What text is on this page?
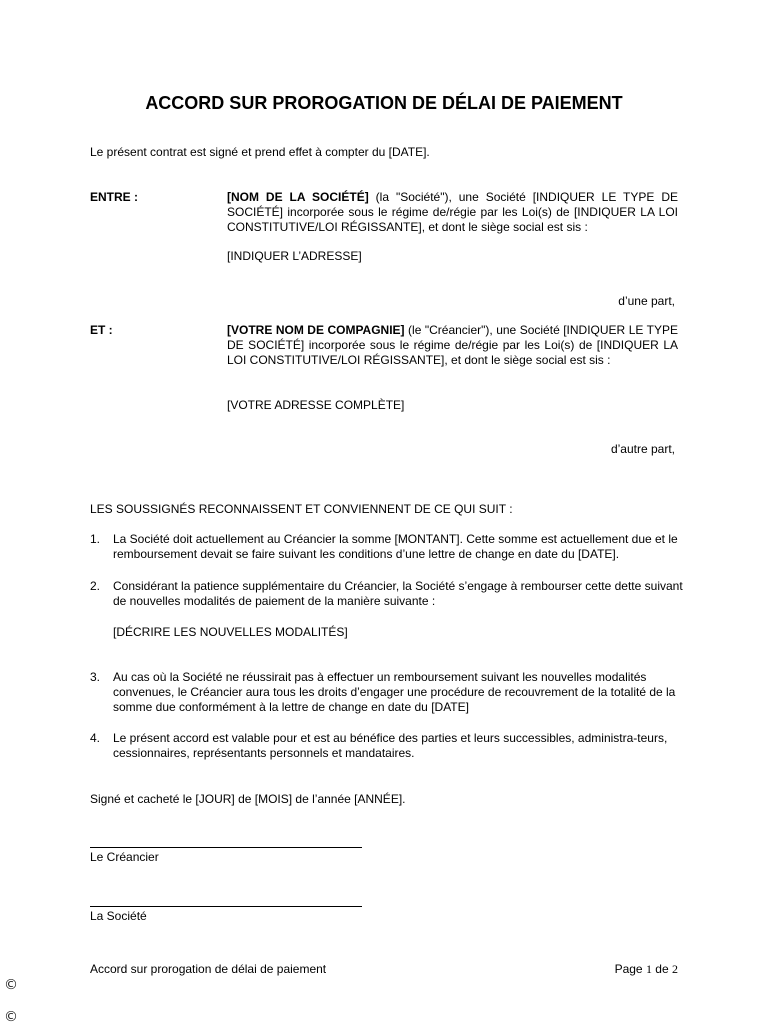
ACCORD SUR PROROGATION DE DÉLAI DE PAIEMENT
Le présent contrat est signé et prend effet à compter du [DATE].
ENTRE :	[NOM DE LA SOCIÉTÉ] (la "Société"), une Société [INDIQUER LE TYPE DE SOCIÉTÉ] incorporée sous le régime de/régie par les Loi(s) de [INDIQUER LA LOI CONSTITUTIVE/LOI RÉGISSANTE], et dont le siège social est sis :
[INDIQUER L’ADRESSE]
d’une part,
ET :	[VOTRE NOM DE COMPAGNIE] (le "Créancier"), une Société [INDIQUER LE TYPE DE SOCIÉTÉ] incorporée sous le régime de/régie par les Loi(s) de [INDIQUER LA LOI CONSTITUTIVE/LOI RÉGISSANTE], et dont le siège social est sis :
[VOTRE ADRESSE COMPLÈTE]
d’autre part,
LES SOUSSIGNÉS RECONNAISSENT ET CONVIENNENT DE CE QUI SUIT :
1. La Société doit actuellement au Créancier la somme [MONTANT]. Cette somme est actuellement due et le remboursement devait se faire suivant les conditions d’une lettre de change en date du [DATE].
2. Considérant la patience supplémentaire du Créancier, la Société s’engage à rembourser cette dette suivant de nouvelles modalités de paiement de la manière suivante :
[DÉCRIRE LES NOUVELLES MODALITÉS]
3. Au cas où la Société ne réussirait pas à effectuer un remboursement suivant les nouvelles modalités convenues, le Créancier aura tous les droits d’engager une procédure de recouvrement de la totalité de la somme due conformément à la lettre de change en date du [DATE]
4. Le présent accord est valable pour et est au bénéfice des parties et leurs successibles, administra-teurs, cessionnaires, représentants personnels et mandataires.
Signé et cacheté le [JOUR] de [MOIS] de l’année [ANNÉE].
Le Créancier
La Société
Accord sur prorogation de délai de paiement	Page 1 de 2
©
©
